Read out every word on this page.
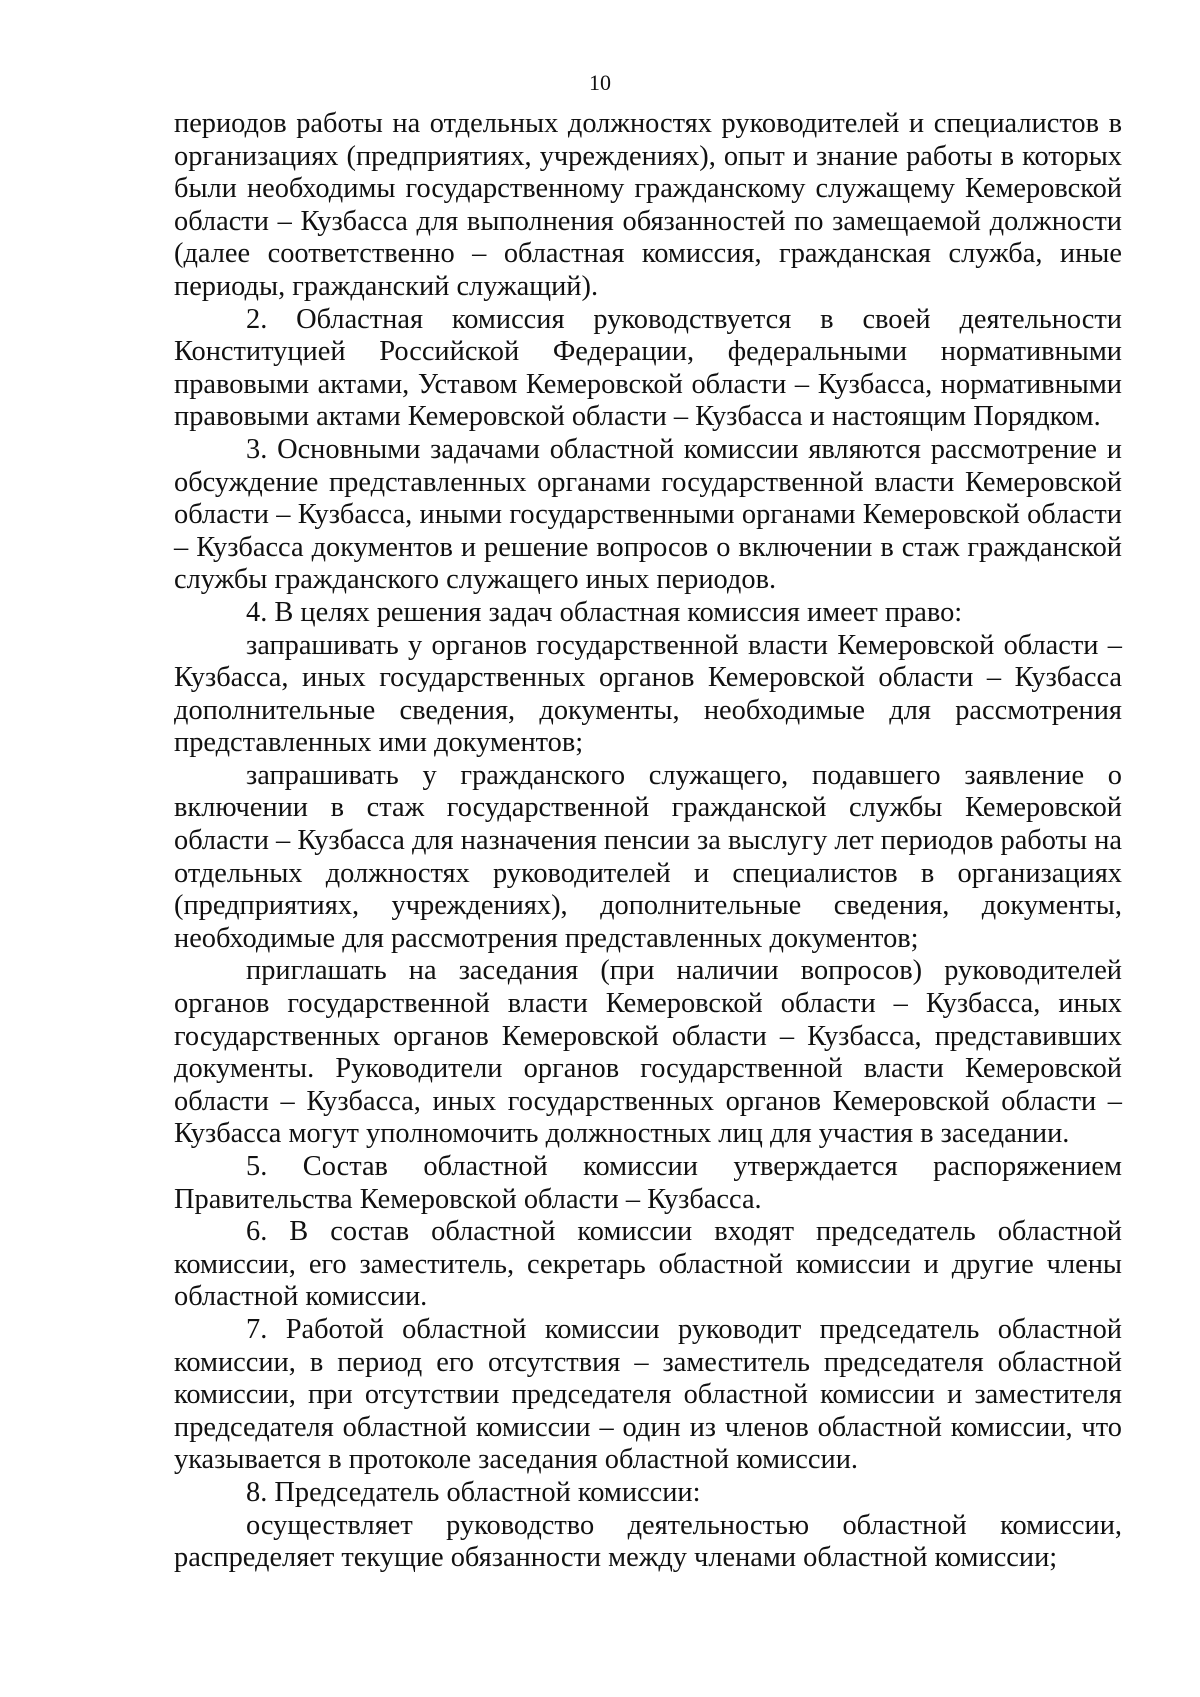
10

периодов работы на отдельных должностях руководителей и специалистов в организациях (предприятиях, учреждениях), опыт и знание работы в которых были необходимы государственному гражданскому служащему Кемеровской области – Кузбасса для выполнения обязанностей по замещаемой должности (далее соответственно – областная комиссия, гражданская служба, иные периоды, гражданский служащий).

2. Областная комиссия руководствуется в своей деятельности Конституцией Российской Федерации, федеральными нормативными правовыми актами, Уставом Кемеровской области – Кузбасса, нормативными правовыми актами Кемеровской области – Кузбасса и настоящим Порядком.

3. Основными задачами областной комиссии являются рассмотрение и обсуждение представленных органами государственной власти Кемеровской области – Кузбасса, иными государственными органами Кемеровской области – Кузбасса документов и решение вопросов о включении в стаж гражданской службы гражданского служащего иных периодов.

4. В целях решения задач областная комиссия имеет право:

запрашивать у органов государственной власти Кемеровской области – Кузбасса, иных государственных органов Кемеровской области – Кузбасса дополнительные сведения, документы, необходимые для рассмотрения представленных ими документов;

запрашивать у гражданского служащего, подавшего заявление о включении в стаж государственной гражданской службы Кемеровской области – Кузбасса для назначения пенсии за выслугу лет периодов работы на отдельных должностях руководителей и специалистов в организациях (предприятиях, учреждениях), дополнительные сведения, документы, необходимые для рассмотрения представленных документов;

приглашать на заседания (при наличии вопросов) руководителей органов государственной власти Кемеровской области – Кузбасса, иных государственных органов Кемеровской области – Кузбасса, представивших документы. Руководители органов государственной власти Кемеровской области – Кузбасса, иных государственных органов Кемеровской области – Кузбасса могут уполномочить должностных лиц для участия в заседании.

5. Состав областной комиссии утверждается распоряжением Правительства Кемеровской области – Кузбасса.

6. В состав областной комиссии входят председатель областной комиссии, его заместитель, секретарь областной комиссии и другие члены областной комиссии.

7. Работой областной комиссии руководит председатель областной комиссии, в период его отсутствия – заместитель председателя областной комиссии, при отсутствии председателя областной комиссии и заместителя председателя областной комиссии – один из членов областной комиссии, что указывается в протоколе заседания областной комиссии.

8. Председатель областной комиссии:

осуществляет руководство деятельностью областной комиссии, распределяет текущие обязанности между членами областной комиссии;
